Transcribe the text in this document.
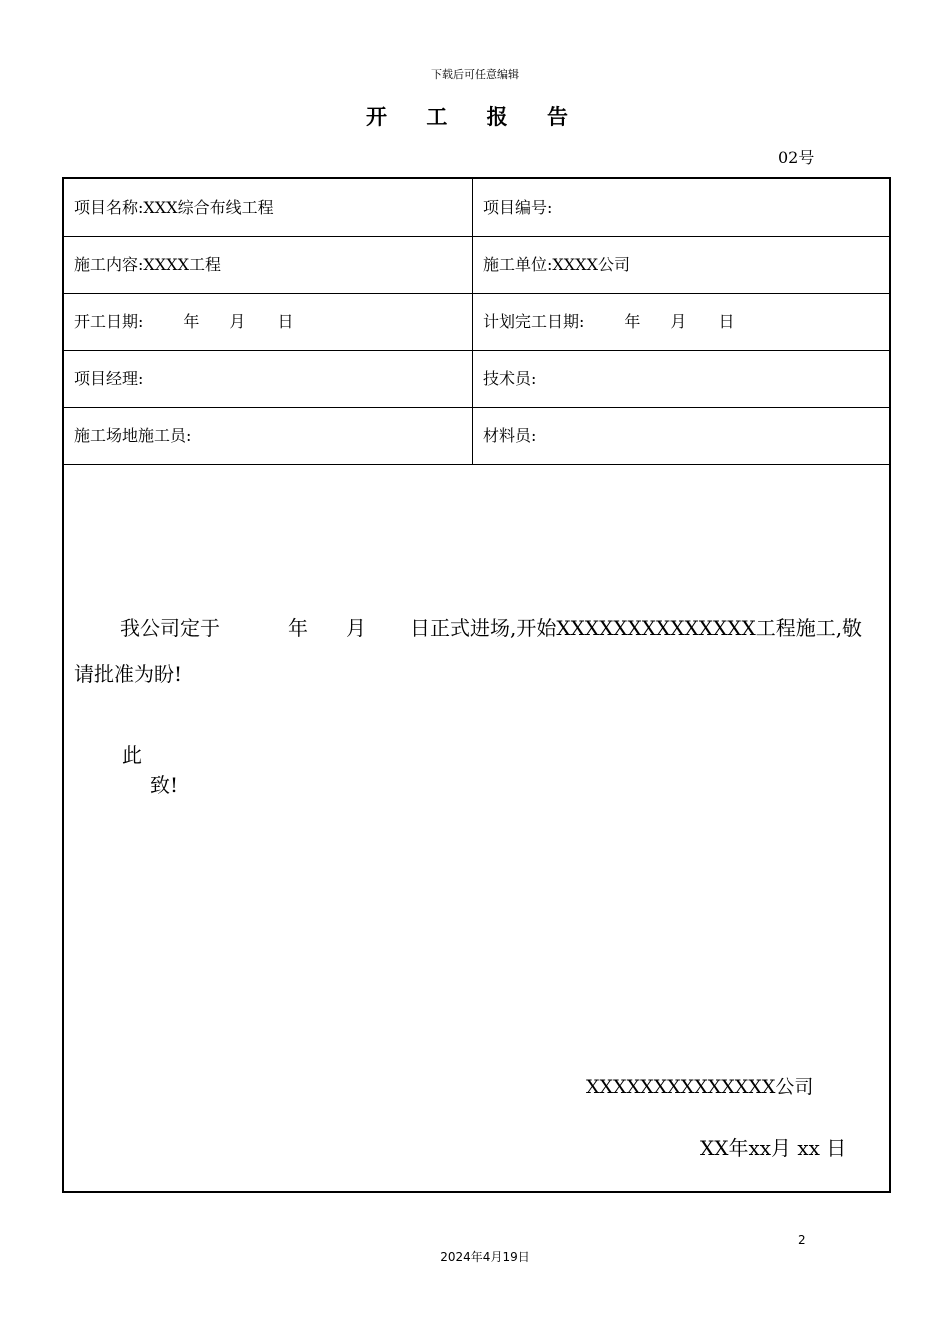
下载后可任意编辑
开 工 报 告
02号
项目名称:XXX综合布线工程	项目编号:
施工内容:XXXX工程	施工单位:XXXX公司
开工日期:	年 月 日	计划完工日期:	年 月 日
项目经理:	技术员:
施工场地施工员:	材料员:
我公司定于	年 月 日正式进场,开始XXXXXXXXXXXXXX工程施工,敬
请批准为盼!
此
致!
XXXXXXXXXXXXXX公司
XX年xx月 xx 日
2
2024年4月19日
